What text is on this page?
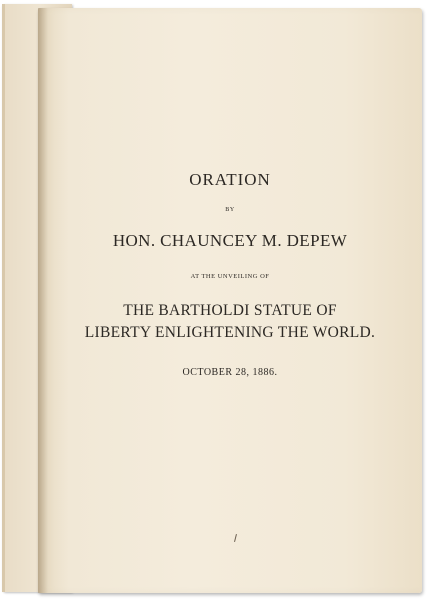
ORATION
BY
HON. CHAUNCEY M. DEPEW
AT THE UNVEILING OF
THE BARTHOLDI STATUE OF
LIBERTY ENLIGHTENING THE WORLD.
OCTOBER 28, 1886.
